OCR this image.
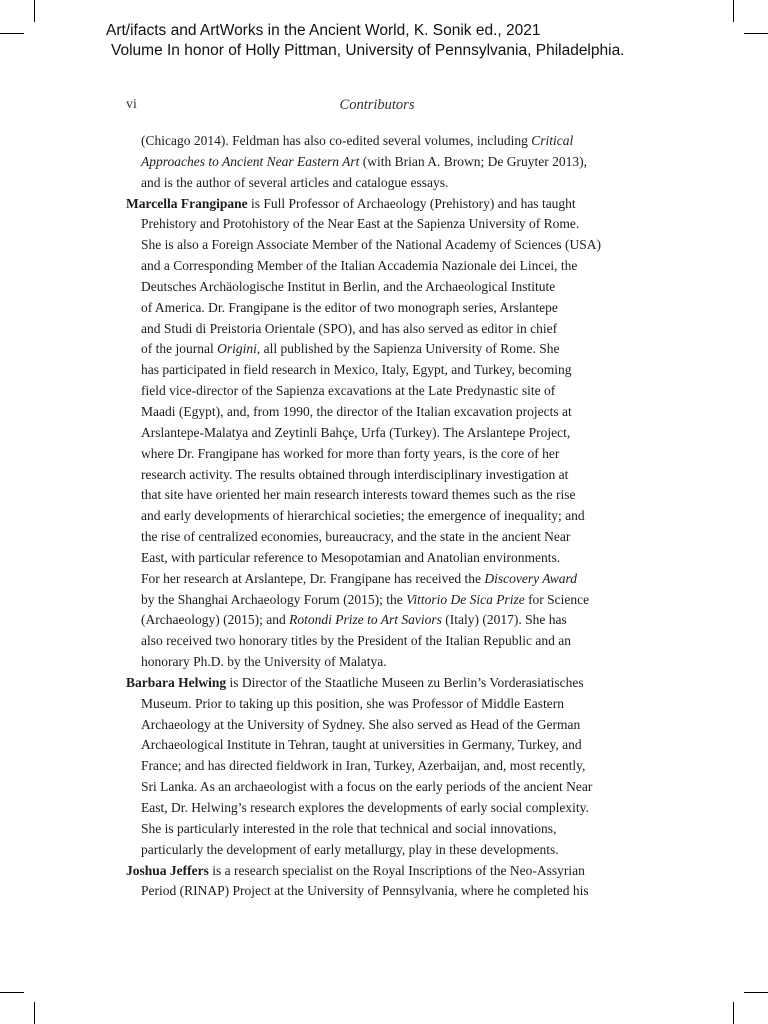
Art/ifacts and ArtWorks in the Ancient World, K. Sonik ed., 2021
Volume In honor of Holly Pittman, University of Pennsylvania, Philadelphia.
vi	Contributors
(Chicago 2014). Feldman has also co-edited several volumes, including Critical
Approaches to Ancient Near Eastern Art (with Brian A. Brown; De Gruyter 2013),
and is the author of several articles and catalogue essays.
Marcella Frangipane is Full Professor of Archaeology (Prehistory) and has taught
Prehistory and Protohistory of the Near East at the Sapienza University of Rome.
She is also a Foreign Associate Member of the National Academy of Sciences (USA)
and a Corresponding Member of the Italian Accademia Nazionale dei Lincei, the
Deutsches Archäologische Institut in Berlin, and the Archaeological Institute
of America. Dr. Frangipane is the editor of two monograph series, Arslantepe
and Studi di Preistoria Orientale (SPO), and has also served as editor in chief
of the journal Origini, all published by the Sapienza University of Rome. She
has participated in field research in Mexico, Italy, Egypt, and Turkey, becoming
field vice-director of the Sapienza excavations at the Late Predynastic site of
Maadi (Egypt), and, from 1990, the director of the Italian excavation projects at
Arslantepe-Malatya and Zeytinli Bahçe, Urfa (Turkey). The Arslantepe Project,
where Dr. Frangipane has worked for more than forty years, is the core of her
research activity. The results obtained through interdisciplinary investigation at
that site have oriented her main research interests toward themes such as the rise
and early developments of hierarchical societies; the emergence of inequality; and
the rise of centralized economies, bureaucracy, and the state in the ancient Near
East, with particular reference to Mesopotamian and Anatolian environments.
For her research at Arslantepe, Dr. Frangipane has received the Discovery Award
by the Shanghai Archaeology Forum (2015); the Vittorio De Sica Prize for Science
(Archaeology) (2015); and Rotondi Prize to Art Saviors (Italy) (2017). She has
also received two honorary titles by the President of the Italian Republic and an
honorary Ph.D. by the University of Malatya.
Barbara Helwing is Director of the Staatliche Museen zu Berlin’s Vorderasiatisches
Museum. Prior to taking up this position, she was Professor of Middle Eastern
Archaeology at the University of Sydney. She also served as Head of the German
Archaeological Institute in Tehran, taught at universities in Germany, Turkey, and
France; and has directed fieldwork in Iran, Turkey, Azerbaijan, and, most recently,
Sri Lanka. As an archaeologist with a focus on the early periods of the ancient Near
East, Dr. Helwing’s research explores the developments of early social complexity.
She is particularly interested in the role that technical and social innovations,
particularly the development of early metallurgy, play in these developments.
Joshua Jeffers is a research specialist on the Royal Inscriptions of the Neo-Assyrian
Period (RINAP) Project at the University of Pennsylvania, where he completed his
